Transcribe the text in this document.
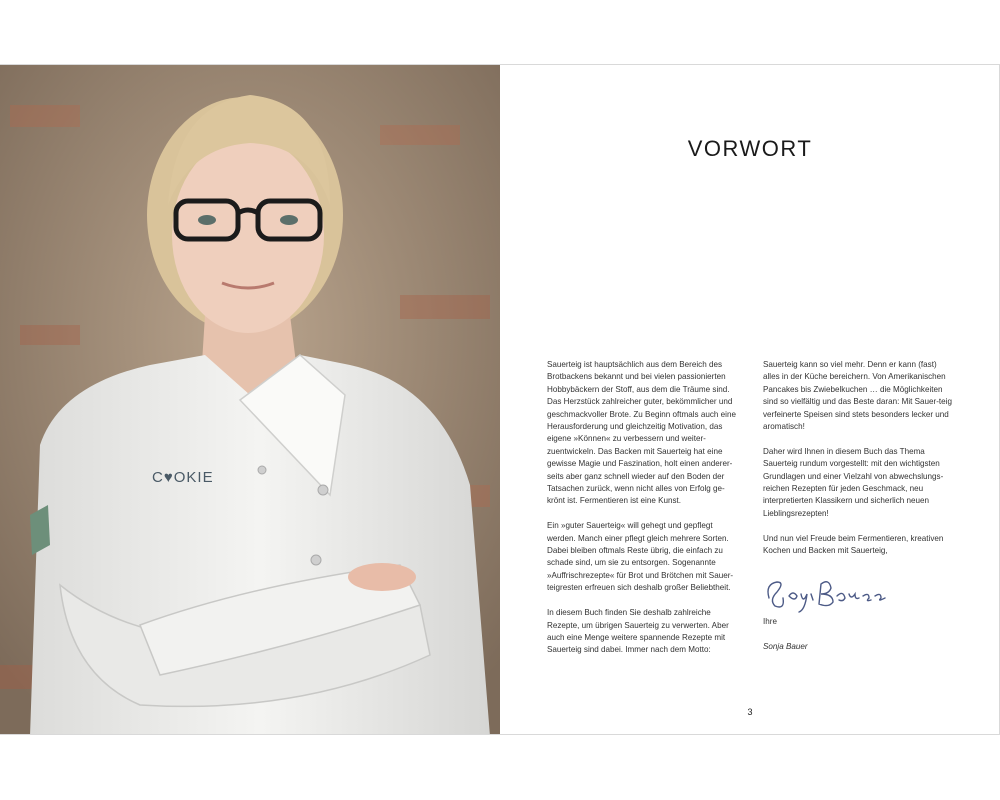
C♥OKIE
VORWORT

Sauerteig ist hauptsächlich aus dem Bereich des Brotbackens bekannt und bei vielen passionierten Hobbybäckern der Stoff, aus dem die Träume sind. Das Herzstück zahlreicher guter, bekömmlicher und geschmackvoller Brote. Zu Beginn oftmals auch eine Herausforderung und gleichzeitig Motivation, das eigene »Können« zu verbessern und weiter-zuentwickeln. Das Backen mit Sauerteig hat eine gewisse Magie und Faszination, holt einen anderer-seits aber ganz schnell wieder auf den Boden der Tatsachen zurück, wenn nicht alles von Erfolg ge-krönt ist. Fermentieren ist eine Kunst.

Ein »guter Sauerteig« will gehegt und gepflegt werden. Manch einer pflegt gleich mehrere Sorten. Dabei bleiben oftmals Reste übrig, die einfach zu schade sind, um sie zu entsorgen. Sogenannte »Auffrischrezepte« für Brot und Brötchen mit Sauer-teigresten erfreuen sich deshalb großer Beliebtheit.

In diesem Buch finden Sie deshalb zahlreiche Rezepte, um übrigen Sauerteig zu verwerten. Aber auch eine Menge weitere spannende Rezepte mit Sauerteig sind dabei. Immer nach dem Motto:

Sauerteig kann so viel mehr. Denn er kann (fast) alles in der Küche bereichern. Von Amerikanischen Pancakes bis Zwiebelkuchen … die Möglichkeiten sind so vielfältig und das Beste daran: Mit Sauer-teig verfeinerte Speisen sind stets besonders lecker und aromatisch!

Daher wird Ihnen in diesem Buch das Thema Sauerteig rundum vorgestellt: mit den wichtigsten Grundlagen und einer Vielzahl von abwechslungs-reichen Rezepten für jeden Geschmack, neu interpretierten Klassikern und sicherlich neuen Lieblingsrezepten!

Und nun viel Freude beim Fermentieren, kreativen Kochen und Backen mit Sauerteig,

Ihre

Sonja Bauer

3
